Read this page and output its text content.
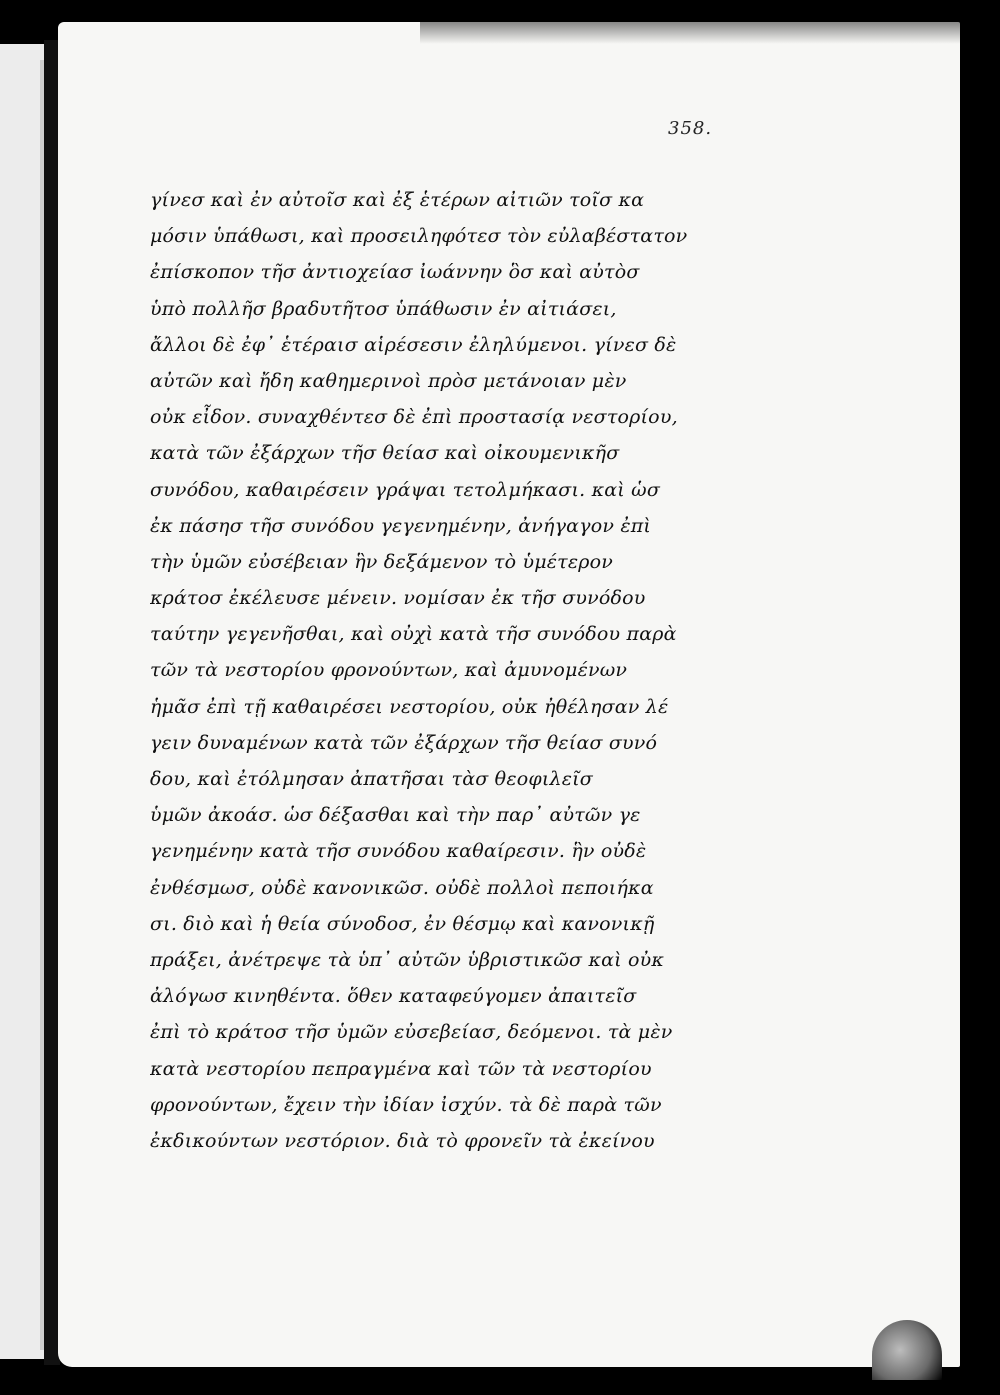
358.
γίνεσ καὶ ἐν αὐτοῖσ καὶ ἐξ ἑτέρων αἰτιῶν τοῖσ κα
μόσιν ὑπάθωσι, καὶ προσειληφότεσ τὸν εὐλαβέστατον
ἐπίσκοπον τῆσ ἀντιοχείασ ἰωάννην ὃσ καὶ αὐτὸσ
ὑπὸ πολλῆσ βραδυτῆτοσ ὑπάθωσιν ἐν αἰτιάσει,
ἄλλοι δὲ ἐφ᾽ ἑτέραισ αἱρέσεσιν ἐληλύμενοι. γίνεσ δὲ
αὐτῶν καὶ ἤδη καθημερινοὶ πρὸσ μετάνοιαν μὲν
οὐκ εἶδον. συναχθέντεσ δὲ ἐπὶ προστασίᾳ νεστορίου,
κατὰ τῶν ἐξάρχων τῆσ θείασ καὶ οἰκουμενικῆσ
συνόδου, καθαιρέσειν γράψαι τετολμήκασι. καὶ ὡσ
ἐκ πάσησ τῆσ συνόδου γεγενημένην, ἀνήγαγον ἐπὶ
τὴν ὑμῶν εὐσέβειαν ἣν δεξάμενον τὸ ὑμέτερον
κράτοσ ἐκέλευσε μένειν. νομίσαν ἐκ τῆσ συνόδου
ταύτην γεγενῆσθαι, καὶ οὐχὶ κατὰ τῆσ συνόδου παρὰ
τῶν τὰ νεστορίου φρονούντων, καὶ ἀμυνομένων
ἡμᾶσ ἐπὶ τῇ καθαιρέσει νεστορίου, οὐκ ἠθέλησαν λέ
γειν δυναμένων κατὰ τῶν ἐξάρχων τῆσ θείασ συνό
δου, καὶ ἐτόλμησαν ἀπατῆσαι τὰσ θεοφιλεῖσ
ὑμῶν ἀκοάσ. ὡσ δέξασθαι καὶ τὴν παρ᾽ αὐτῶν γε
γενημένην κατὰ τῆσ συνόδου καθαίρεσιν. ἣν οὐδὲ
ἐνθέσμωσ, οὐδὲ κανονικῶσ. οὐδὲ πολλοὶ πεποιήκα
σι. διὸ καὶ ἡ θεία σύνοδοσ, ἐν θέσμῳ καὶ κανονικῇ
πράξει, ἀνέτρεψε τὰ ὑπ᾽ αὐτῶν ὑβριστικῶσ καὶ οὐκ
ἀλόγωσ κινηθέντα. ὅθεν καταφεύγομεν ἀπαιτεῖσ
ἐπὶ τὸ κράτοσ τῆσ ὑμῶν εὐσεβείασ, δεόμενοι. τὰ μὲν
κατὰ νεστορίου πεπραγμένα καὶ τῶν τὰ νεστορίου
φρονούντων, ἔχειν τὴν ἰδίαν ἰσχύν. τὰ δὲ παρὰ τῶν
ἐκδικούντων νεστόριον. διὰ τὸ φρονεῖν τὰ ἐκείνου
